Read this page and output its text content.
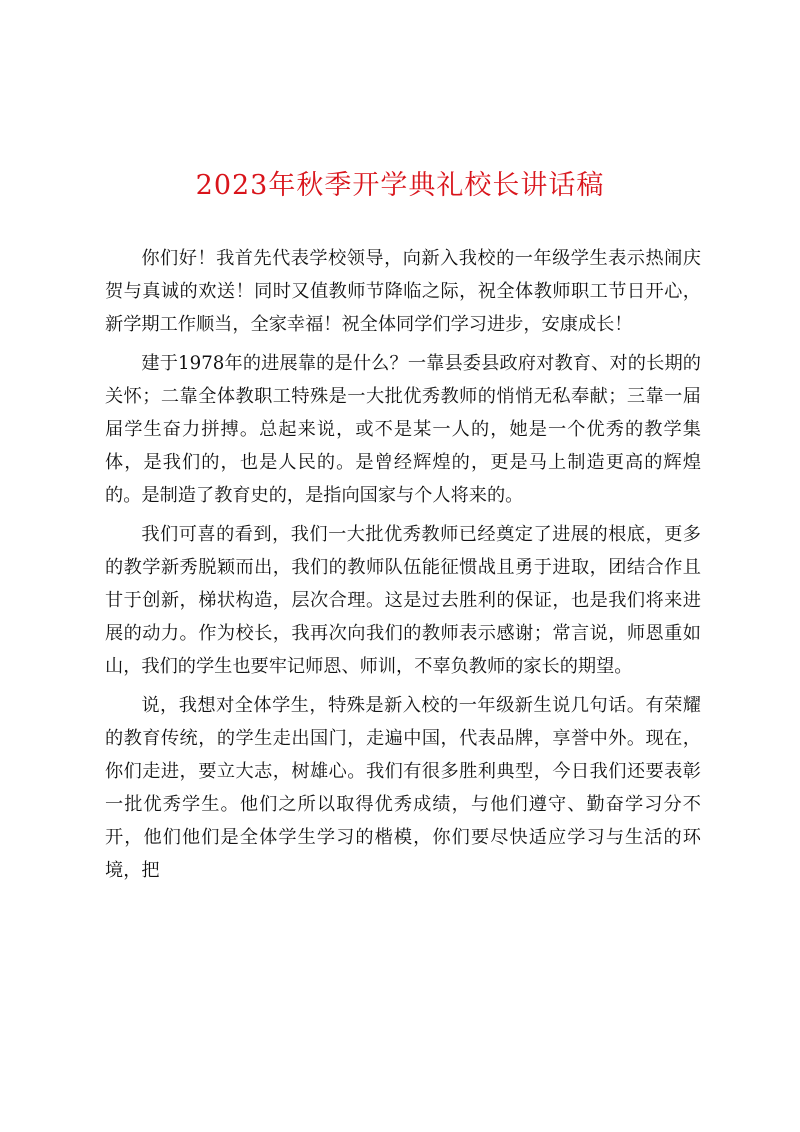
2023年秋季开学典礼校长讲话稿

你们好！我首先代表学校领导，向新入我校的一年级学生表示热闹庆贺与真诚的欢送！同时又值教师节降临之际，祝全体教师职工节日开心，新学期工作顺当，全家幸福！祝全体同学们学习进步，安康成长！

建于1978年的进展靠的是什么？一靠县委县政府对教育、对的长期的关怀；二靠全体教职工特殊是一大批优秀教师的悄悄无私奉献；三靠一届届学生奋力拼搏。总起来说，或不是某一人的，她是一个优秀的教学集体，是我们的，也是人民的。是曾经辉煌的，更是马上制造更高的辉煌的。是制造了教育史的，是指向国家与个人将来的。

我们可喜的看到，我们一大批优秀教师已经奠定了进展的根底，更多的教学新秀脱颖而出，我们的教师队伍能征惯战且勇于进取，团结合作且甘于创新，梯状构造，层次合理。这是过去胜利的保证，也是我们将来进展的动力。作为校长，我再次向我们的教师表示感谢；常言说，师恩重如山，我们的学生也要牢记师恩、师训，不辜负教师的家长的期望。

说，我想对全体学生，特殊是新入校的一年级新生说几句话。有荣耀的教育传统，的学生走出国门，走遍中国，代表品牌，享誉中外。现在，你们走进，要立大志，树雄心。我们有很多胜利典型，今日我们还要表彰一批优秀学生。他们之所以取得优秀成绩，与他们遵守、勤奋学习分不开，他们他们是全体学生学习的楷模，你们要尽快适应学习与生活的环境，把
